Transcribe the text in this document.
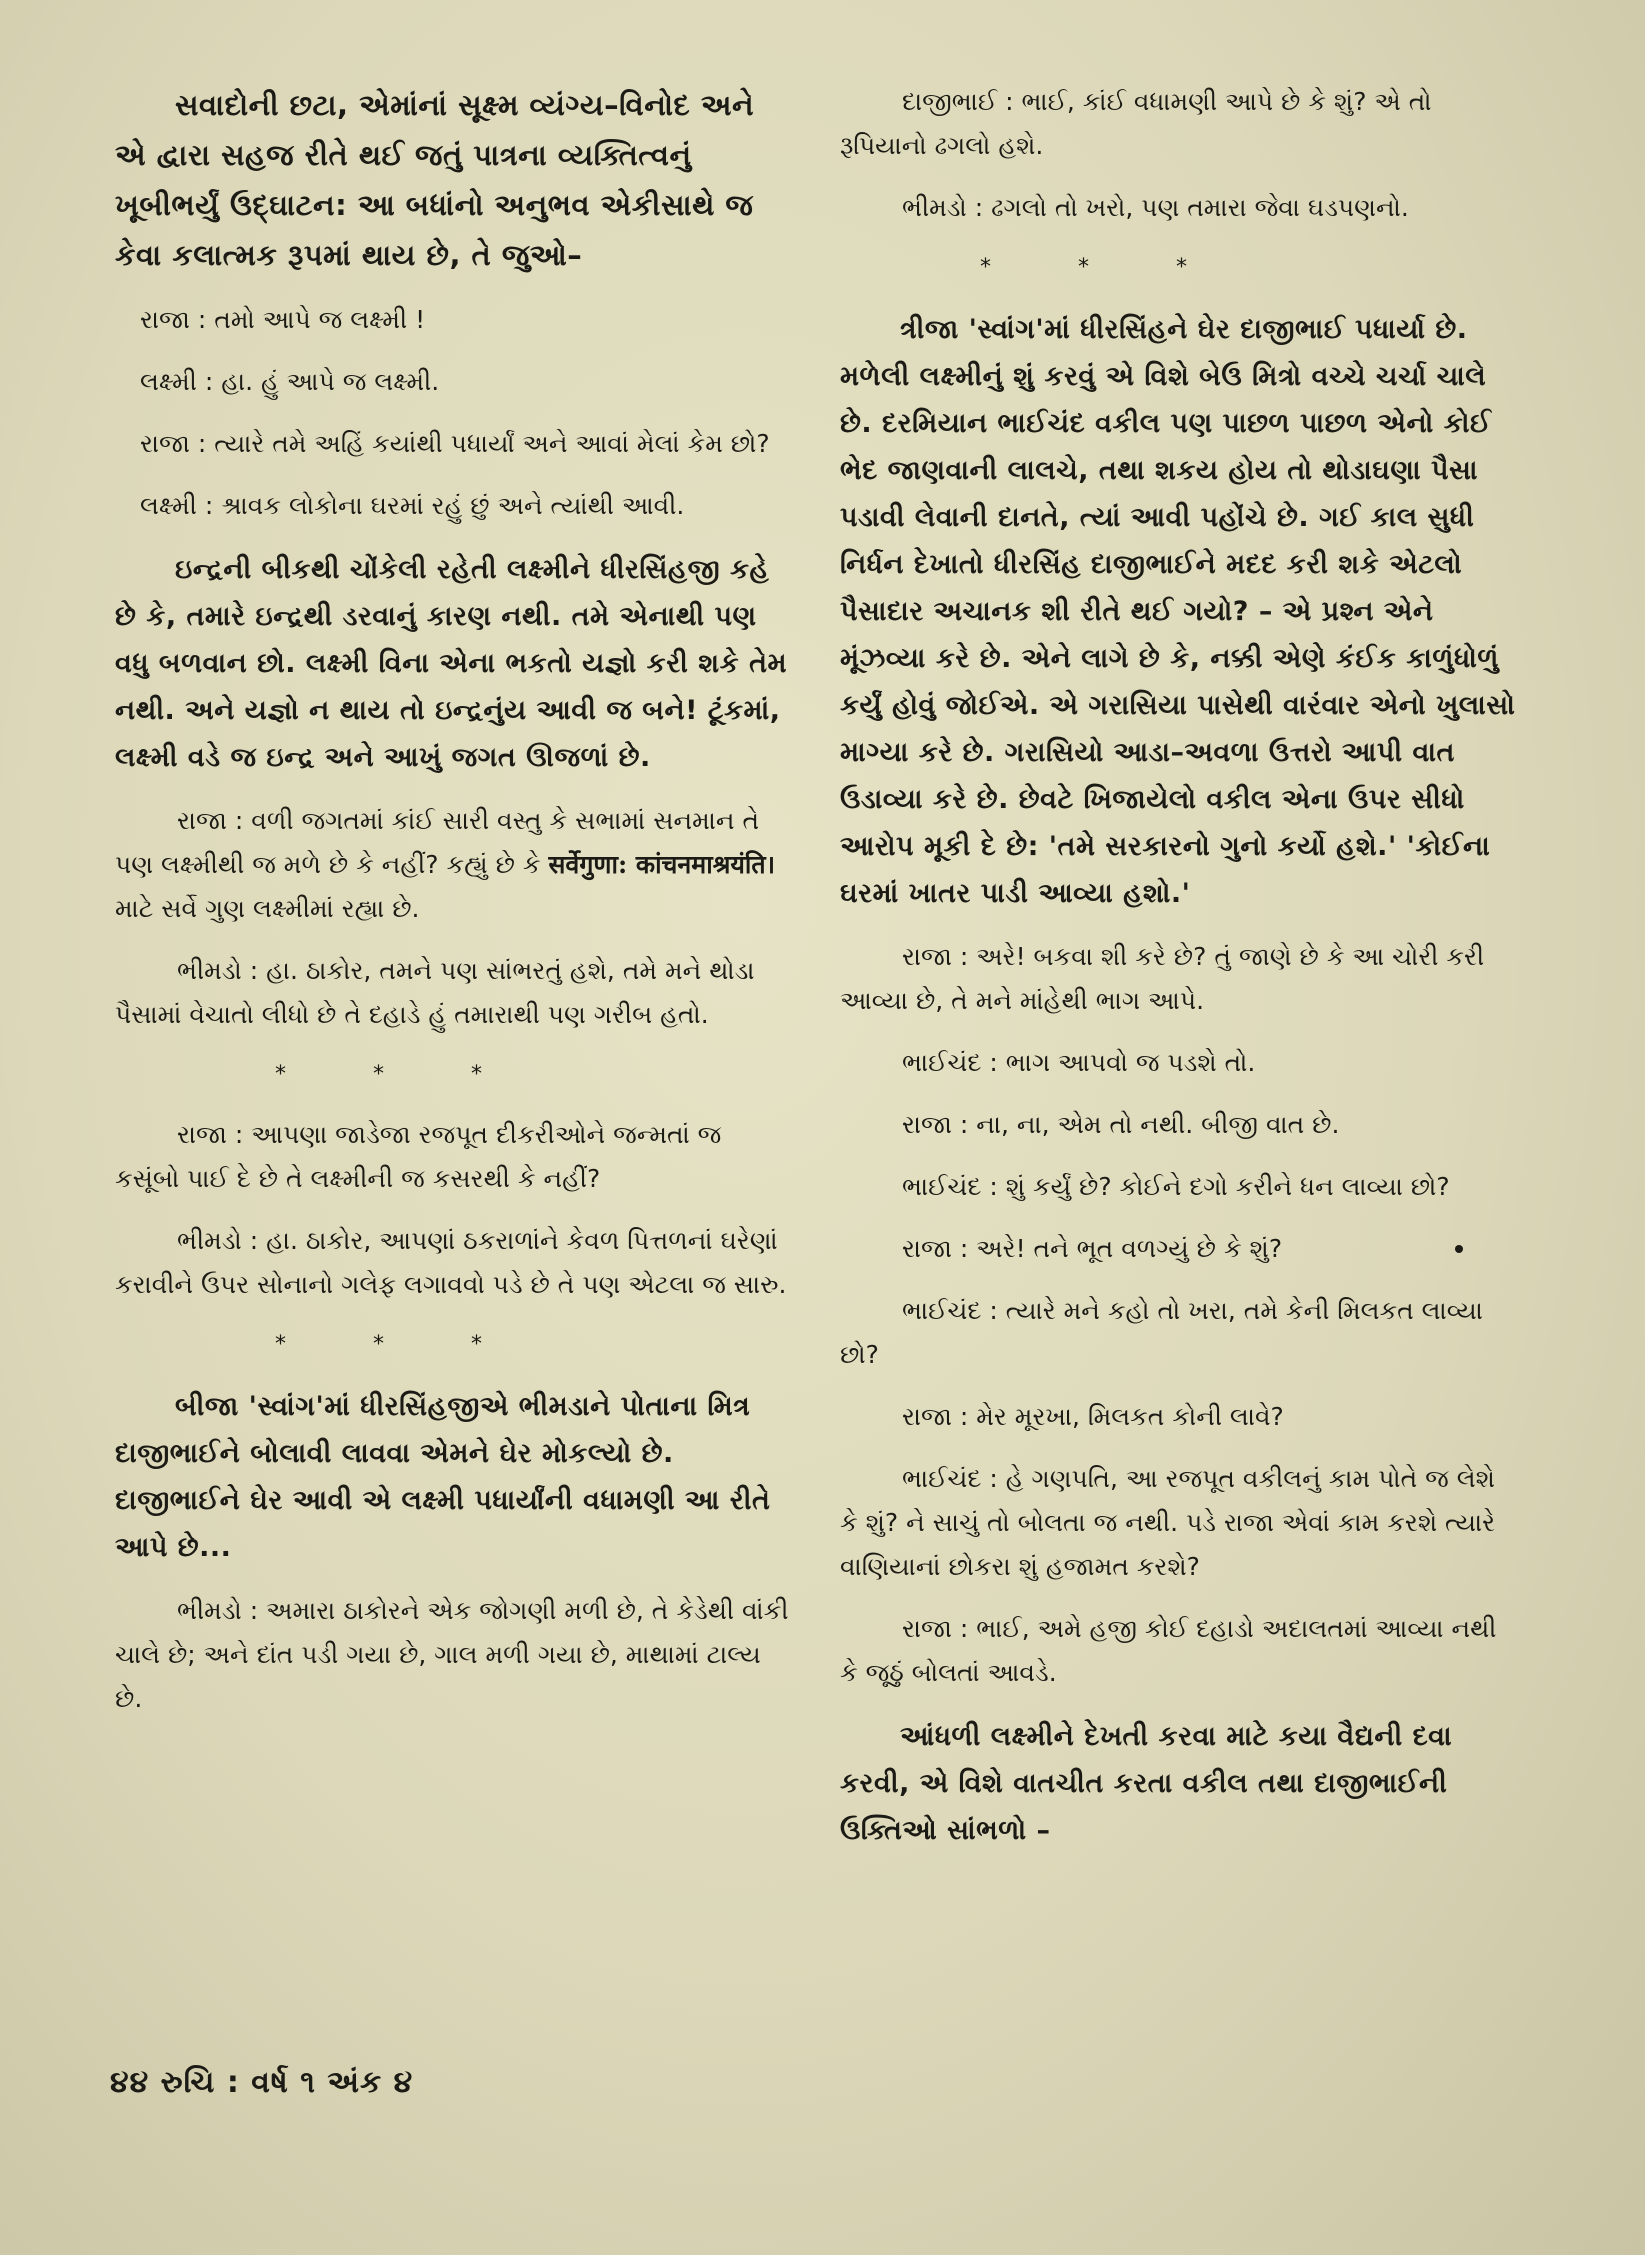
સવાદોની છટા, એમાંનાં સૂક્ષ્મ વ્યંગ્ય–વિનોદ અને એ દ્વારા સહજ રીતે થઈ જતું પાત્રના વ્યક્તિત્વનું ખૂબીભર્યું ઉદ્ઘાટન: આ બધાંનો અનુભવ એકીસાથે જ કેવા કલાત્મક રૂપમાં થાય છે, તે જુઓ–

રાજા : તમો આપે જ લક્ષ્મી !

લક્ષ્મી : હા. હું આપે જ લક્ષ્મી.

રાજા : ત્યારે તમે અહિં કયાંથી પધાર્યાં અને આવાં મેલાં કેમ છો?

લક્ષ્મી : શ્રાવક લોકોના ઘરમાં રહું છું અને ત્યાંથી આવી.

ઇન્દ્રની બીકથી ચોંકેલી રહેતી લક્ષ્મીને ધીરસિંહજી કહે છે કે, તમારે ઇન્દ્રથી ડરવાનું કારણ નથી. તમે એનાથી પણ વધુ બળવાન છો. લક્ષ્મી વિના એના ભકતો યજ્ઞો કરી શકે તેમ નથી. અને યજ્ઞો ન થાય તો ઇન્દ્રનુંય આવી જ બને! ટૂંકમાં, લક્ષ્મી વડે જ ઇન્દ્ર અને આખું જગત ઊજળાં છે.

રાજા : વળી જગતમાં કાંઈ સારી વસ્તુ કે સભામાં સનમાન તે પણ લક્ષ્મીથી જ મળે છે કે નહીં? કહ્યું છે કે सर्वेगुणा: कांचनमाश्रयंति। માટે સર્વે ગુણ લક્ષ્મીમાં રહ્યા છે.

ભીમડો : હા. ઠાકોર, તમને પણ સાંભરતું હશે, તમે મને થોડા પૈસામાં વેચાતો લીધો છે તે દહાડે હું તમારાથી પણ ગરીબ હતો.

* * *

રાજા : આપણા જાડેજા રજપૂત દીકરીઓને જન્મતાં જ કસૂંબો પાઈ દે છે તે લક્ષ્મીની જ કસરથી કે નહીં?

ભીમડો : હા. ઠાકોર, આપણાં ઠકરાળાંને કેવળ પિત્તળનાં ઘરેણાં કરાવીને ઉપર સોનાનો ગલેફ લગાવવો પડે છે તે પણ એટલા જ સારુ.

* * *

બીજા 'સ્વાંગ'માં ધીરસિંહજીએ ભીમડાને પોતાના મિત્ર દાજીભાઈને બોલાવી લાવવા એમને ઘેર મોકલ્યો છે. દાજીભાઈને ઘેર આવી એ લક્ષ્મી પધાર્યાંની વધામણી આ રીતે આપે છે...

ભીમડો : અમારા ઠાકોરને એક જોગણી મળી છે, તે કેડેથી વાંકી ચાલે છે; અને દાંત પડી ગયા છે, ગાલ મળી ગયા છે, માથામાં ટાલ્ય છે.

દાજીભાઈ : ભાઈ, કાંઈ વધામણી આપે છે કે શું? એ તો રૂપિયાનો ઢગલો હશે.

ભીમડો : ઢગલો તો ખરો, પણ તમારા જેવા ઘડપણનો.

* * *

ત્રીજા 'સ્વાંગ'માં ધીરસિંહને ઘેર દાજીભાઈ પધાર્યા છે. મળેલી લક્ષ્મીનું શું કરવું એ વિશે બેઉ મિત્રો વચ્ચે ચર્ચા ચાલે છે. દરમિયાન ભાઈચંદ વકીલ પણ પાછળ પાછળ એનો કોઈ ભેદ જાણવાની લાલચે, તથા શકય હોય તો થોડાઘણા પૈસા પડાવી લેવાની દાનતે, ત્યાં આવી પહોંચે છે. ગઈ કાલ સુધી નિર્ધન દેખાતો ધીરસિંહ દાજીભાઈને મદદ કરી શકે એટલો પૈસાદાર અચાનક શી રીતે થઈ ગયો? – એ પ્રશ્ન એને મૂંઝવ્યા કરે છે. એને લાગે છે કે, નક્કી એણે કંઈક કાળુંધોળું કર્યું હોવું જોઈએ. એ ગરાસિયા પાસેથી વારંવાર એનો ખુલાસો માગ્યા કરે છે. ગરાસિયો આડા–અવળા ઉત્તરો આપી વાત ઉડાવ્યા કરે છે. છેવટે ખિજાયેલો વકીલ એના ઉપર સીધો આરોપ મૂકી દે છે: 'તમે સરકારનો ગુનો કર્યો હશે.' 'કોઈના ઘરમાં ખાતર પાડી આવ્યા હશો.'

રાજા : અરે! બકવા શી કરે છે? તું જાણે છે કે આ ચોરી કરી આવ્યા છે, તે મને માંહેથી ભાગ આપે.

ભાઈચંદ : ભાગ આપવો જ પડશે તો.

રાજા : ના, ના, એમ તો નથી. બીજી વાત છે.

ભાઈચંદ : શું કર્યું છે? કોઈને દગો કરીને ધન લાવ્યા છો?

રાજા : અરે! તને ભૂત વળગ્યું છે કે શું?

ભાઈચંદ : ત્યારે મને કહો તો ખરા, તમે કેની મિલકત લાવ્યા છો?

રાજા : મેર મૂરખા, મિલકત કોની લાવે?

ભાઈચંદ : હે ગણપતિ, આ રજપૂત વકીલનું કામ પોતે જ લેશે કે શું? ને સાચું તો બોલતા જ નથી. પડે રાજા એવાં કામ કરશે ત્યારે વાણિયાનાં છોકરા શું હજામત કરશે?

રાજા : ભાઈ, અમે હજી કોઈ દહાડો અદાલતમાં આવ્યા નથી કે જૂઠું બોલતાં આવડે.

આંધળી લક્ષ્મીને દેખતી કરવા માટે કયા વૈદ્યની દવા કરવી, એ વિશે વાતચીત કરતા વકીલ તથા દાજીભાઈની ઉક્તિઓ સાંભળો –

૪૪ રુચિ : વર્ષ ૧ અંક ૪
